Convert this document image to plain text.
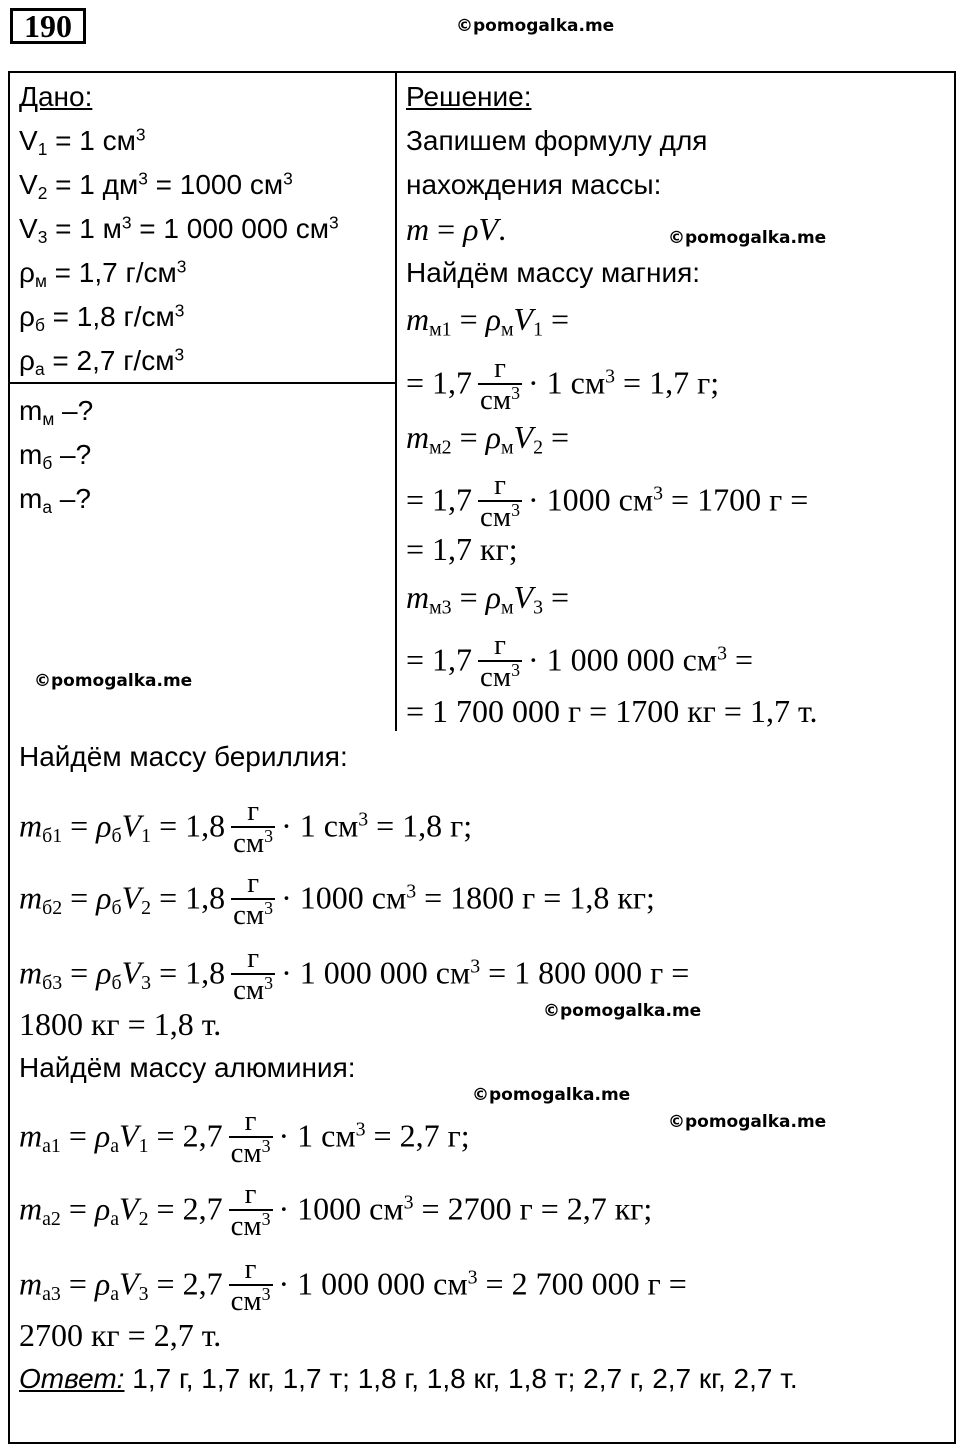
190	©pomogalka.me
Дано:
$V_1 = 1$ $см^3$
$V_2 = 1$ $дм^3 = 1000$ $см^3$
$V_3 = 1$ $м^3 = 1$ 000 000 $см^3$
$\rho_м = 1,7$ $г/см^3$
$\rho_б = 1,8$ $г/см^3$
$\rho_а = 2,7$ $г/см^3$
$m_м$ –?
$m_б$ –?
$m_а$ –?
©pomogalka.me
Решение:
Запишем формулу для
нахождения массы:
m = ρV.	©pomogalka.me
Найдём массу магния:
$m_{м1} = \rho_мV_1$ =
= $1,7 \frac{г}{см^3} \cdot 1$ $см^3 = 1,7$ г;
$m_{м2} = \rho_мV_2$ =
= $1,7 \frac{г}{см^3} \cdot 1000$ $см^3 = 1700$ г =
= 1,7 кг;
$m_{м3} = \rho_мV_3$ =
= $1,7 \frac{г}{см^3} \cdot 1$ 000 000 $см^3$ =
= 1 700 000 г = 1700 кг = 1,7 т.
Найдём массу бериллия:
$m_{б1} = \rho_бV_1 = 1,8 \frac{г}{см^3} \cdot 1$ $см^3 = 1,8$ г;
$m_{б2} = \rho_бV_2 = 1,8 \frac{г}{см^3} \cdot 1000$ $см^3 = 1800$ г = 1,8 кг;
$m_{б3} = \rho_бV_3 = 1,8 \frac{г}{см^3} \cdot 1$ 000 000 $см^3 = 1$ 800 000 г =
1800 кг = 1,8 т.	©pomogalka.me
Найдём массу алюминия:
©pomogalka.me
©pomogalka.me
$m_{а1} = \rho_аV_1 = 2,7 \frac{г}{см^3} \cdot 1$ $см^3 = 2,7$ г;
$m_{а2} = \rho_аV_2 = 2,7 \frac{г}{см^3} \cdot 1000$ $см^3 = 2700$ г = 2,7 кг;
$m_{а3} = \rho_аV_3 = 2,7 \frac{г}{см^3} \cdot 1$ 000 000 $см^3 = 2$ 700 000 г =
2700 кг = 2,7 т.
Ответ: 1,7 г, 1,7 кг, 1,7 т; 1,8 г, 1,8 кг, 1,8 т; 2,7 г, 2,7 кг, 2,7 т.
